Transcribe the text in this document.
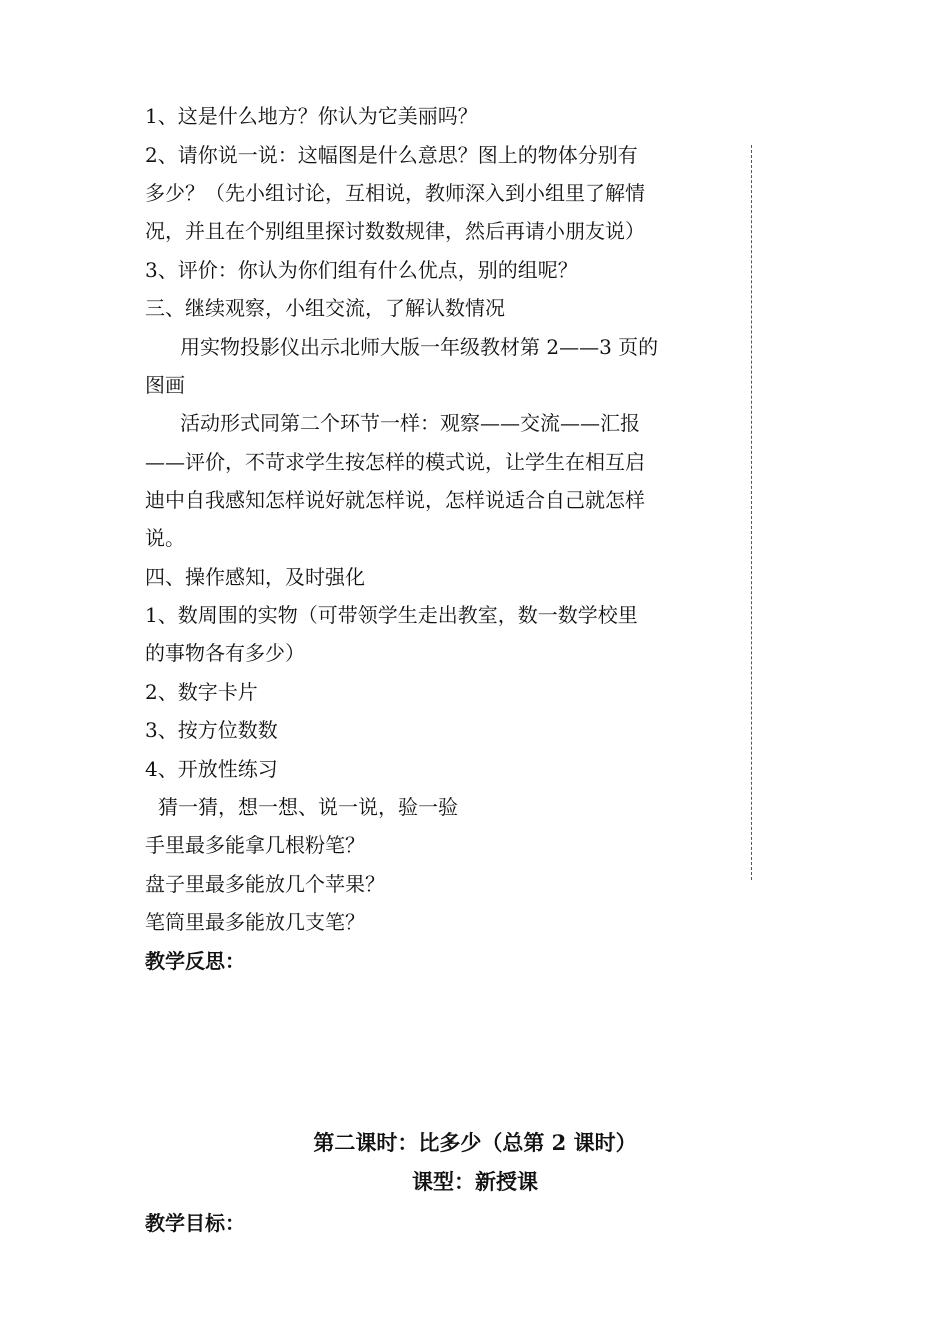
1、这是什么地方？你认为它美丽吗？
2、请你说一说：这幅图是什么意思？图上的物体分别有
多少？（先小组讨论，互相说，教师深入到小组里了解情
况，并且在个别组里探讨数数规律，然后再请小朋友说）
3、评价：你认为你们组有什么优点，别的组呢？
三、继续观察，小组交流，了解认数情况
用实物投影仪出示北师大版一年级教材第 2——3 页的
图画
活动形式同第二个环节一样：观察——交流——汇报
——评价，不苛求学生按怎样的模式说，让学生在相互启
迪中自我感知怎样说好就怎样说，怎样说适合自己就怎样
说。
四、操作感知，及时强化
1、数周围的实物（可带领学生走出教室，数一数学校里
的事物各有多少）
2、数字卡片
3、按方位数数
4、开放性练习
猜一猜，想一想、说一说，验一验
手里最多能拿几根粉笔？
盘子里最多能放几个苹果？
笔筒里最多能放几支笔？
教学反思：
第二课时：比多少（总第 2 课时）
课型：新授课
教学目标：
